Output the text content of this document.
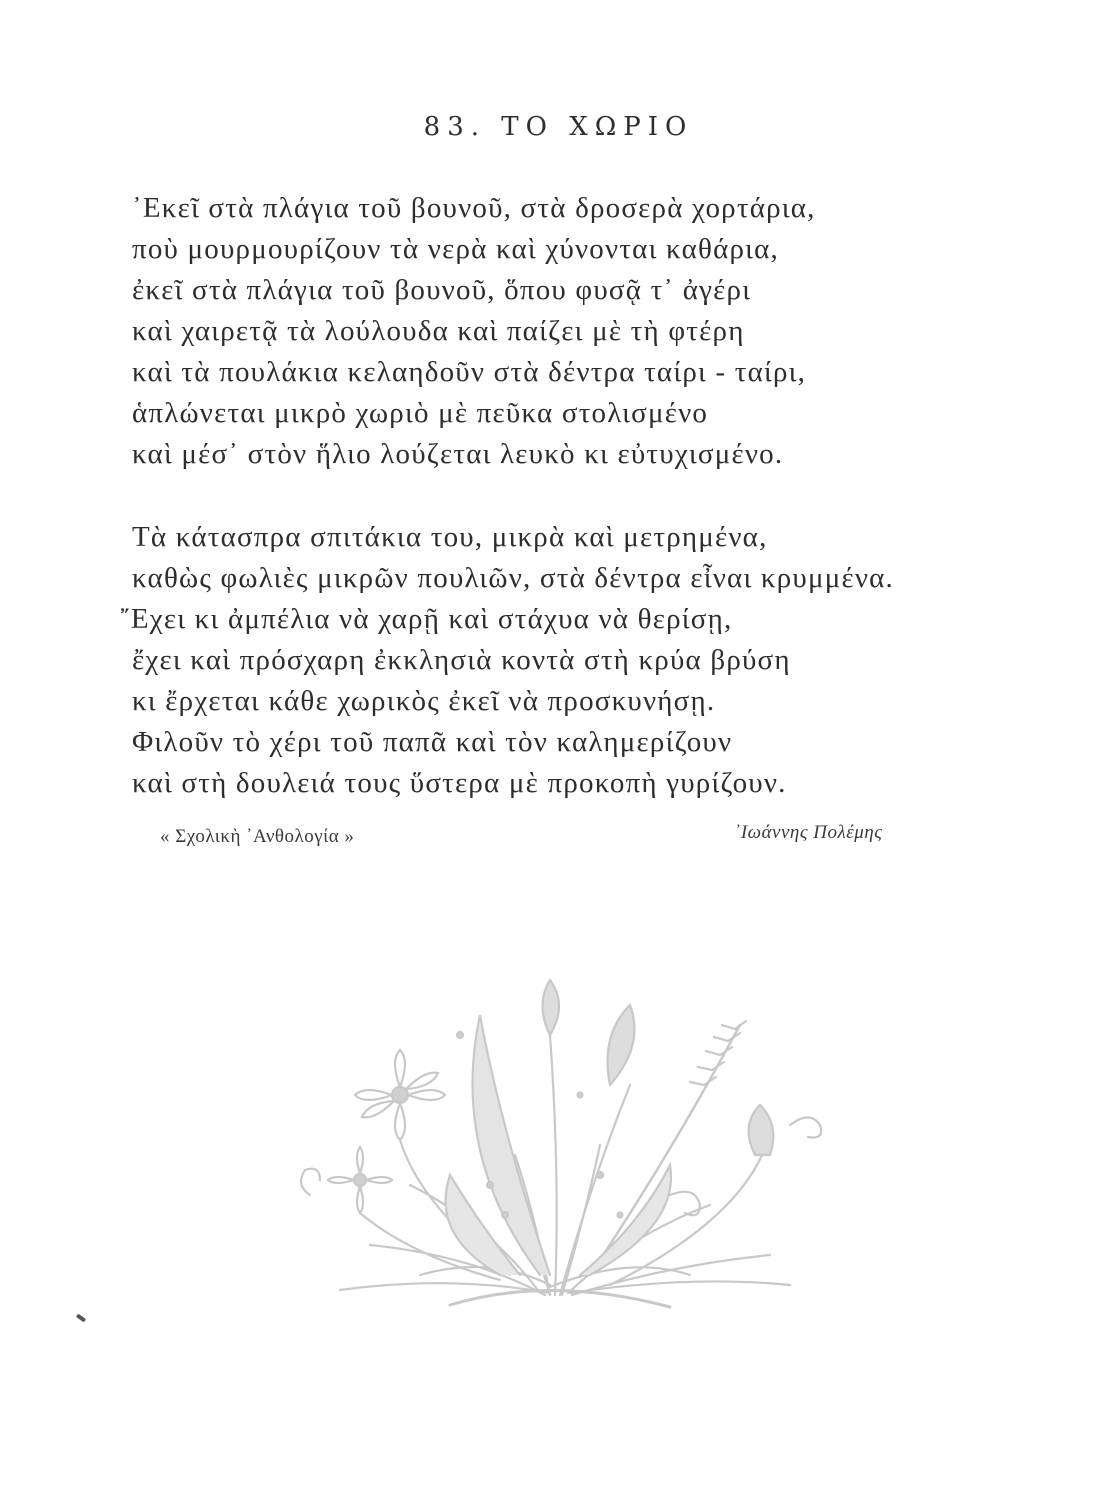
83. ΤΟ ΧΩΡΙΟ
᾿Εκεῖ στὰ πλάγια τοῦ βουνοῦ, στὰ δροσερὰ χορτάρια,
ποὺ μουρμουρίζουν τὰ νερὰ καὶ χύνονται καθάρια,
ἐκεῖ στὰ πλάγια τοῦ βουνοῦ, ὅπου φυσᾷ τ᾿ ἀγέρι
καὶ χαιρετᾷ τὰ λούλουδα καὶ παίζει μὲ τὴ φτέρη
καὶ τὰ πουλάκια κελαηδοῦν στὰ δέντρα ταίρι - ταίρι,
ἁπλώνεται μικρὸ χωριὸ μὲ πεῦκα στολισμένο
καὶ μέσ᾿ στὸν ἥλιο λούζεται λευκὸ κι εὐτυχισμένο.
Τὰ κάτασπρα σπιτάκια του, μικρὰ καὶ μετρημένα,
καθὼς φωλιὲς μικρῶν πουλιῶν, στὰ δέντρα εἶναι κρυμμένα.
῎Εχει κι ἀμπέλια νὰ χαρῇ καὶ στάχυα νὰ θερίσῃ,
ἔχει καὶ πρόσχαρη ἐκκλησιὰ κοντὰ στὴ κρύα βρύση
κι ἔρχεται κάθε χωρικὸς ἐκεῖ νὰ προσκυνήσῃ.
Φιλοῦν τὸ χέρι τοῦ παπᾶ καὶ τὸν καλημερίζουν
καὶ στὴ δουλειά τους ὕστερα μὲ προκοπὴ γυρίζουν.
« Σχολικὴ ᾿Ανθολογία »	᾿Ιωάννης Πολέμης
